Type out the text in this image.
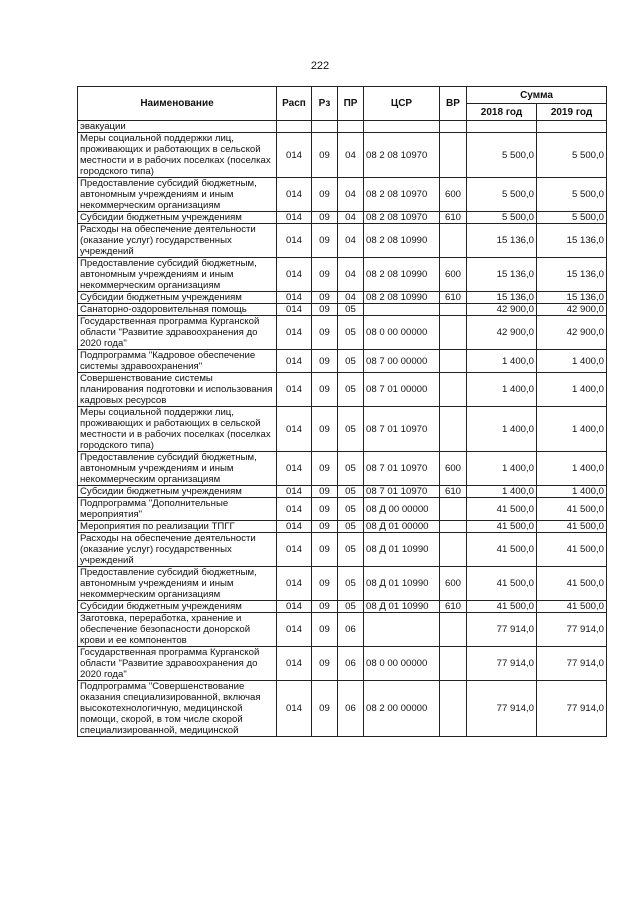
222
Наименование	Расп	Рз	ПР	ЦСР	ВР	Сумма	
						2018 год	2019 год
эвакуации							
Меры социальной поддержки лиц, проживающих и работающих в сельской местности и в рабочих поселках (поселках городского типа)	014	09	04	08 2 08 10970		5 500,0	5 500,0
Предоставление субсидий бюджетным, автономным учреждениям и иным некоммерческим организациям	014	09	04	08 2 08 10970	600	5 500,0	5 500,0
Субсидии бюджетным учреждениям	014	09	04	08 2 08 10970	610	5 500,0	5 500,0
Расходы на обеспечение деятельности (оказание услуг) государственных учреждений	014	09	04	08 2 08 10990		15 136,0	15 136,0
Предоставление субсидий бюджетным, автономным учреждениям и иным некоммерческим организациям	014	09	04	08 2 08 10990	600	15 136,0	15 136,0
Субсидии бюджетным учреждениям	014	09	04	08 2 08 10990	610	15 136,0	15 136,0
Санаторно-оздоровительная помощь	014	09	05			42 900,0	42 900,0
Государственная программа Курганской области "Развитие здравоохранения до 2020 года"	014	09	05	08 0 00 00000		42 900,0	42 900,0
Подпрограмма "Кадровое обеспечение системы здравоохранения"	014	09	05	08 7 00 00000		1 400,0	1 400,0
Совершенствование системы планирования подготовки и использования кадровых ресурсов	014	09	05	08 7 01 00000		1 400,0	1 400,0
Меры социальной поддержки лиц, проживающих и работающих в сельской местности и в рабочих поселках (поселках городского типа)	014	09	05	08 7 01 10970		1 400,0	1 400,0
Предоставление субсидий бюджетным, автономным учреждениям и иным некоммерческим организациям	014	09	05	08 7 01 10970	600	1 400,0	1 400,0
Субсидии бюджетным учреждениям	014	09	05	08 7 01 10970	610	1 400,0	1 400,0
Подпрограмма "Дополнительные мероприятия"	014	09	05	08 Д 00 00000		41 500,0	41 500,0
Мероприятия по реализации ТПГГ	014	09	05	08 Д 01 00000		41 500,0	41 500,0
Расходы на обеспечение деятельности (оказание услуг) государственных учреждений	014	09	05	08 Д 01 10990		41 500,0	41 500,0
Предоставление субсидий бюджетным, автономным учреждениям и иным некоммерческим организациям	014	09	05	08 Д 01 10990	600	41 500,0	41 500,0
Субсидии бюджетным учреждениям	014	09	05	08 Д 01 10990	610	41 500,0	41 500,0
Заготовка, переработка, хранение и обеспечение безопасности донорской крови и ее компонентов	014	09	06			77 914,0	77 914,0
Государственная программа Курганской области "Развитие здравоохранения до 2020 года"	014	09	06	08 0 00 00000		77 914,0	77 914,0
Подпрограмма "Совершенствование оказания специализированной, включая высокотехнологичную, медицинской помощи, скорой, в том числе скорой специализированной, медицинской	014	09	06	08 2 00 00000		77 914,0	77 914,0
